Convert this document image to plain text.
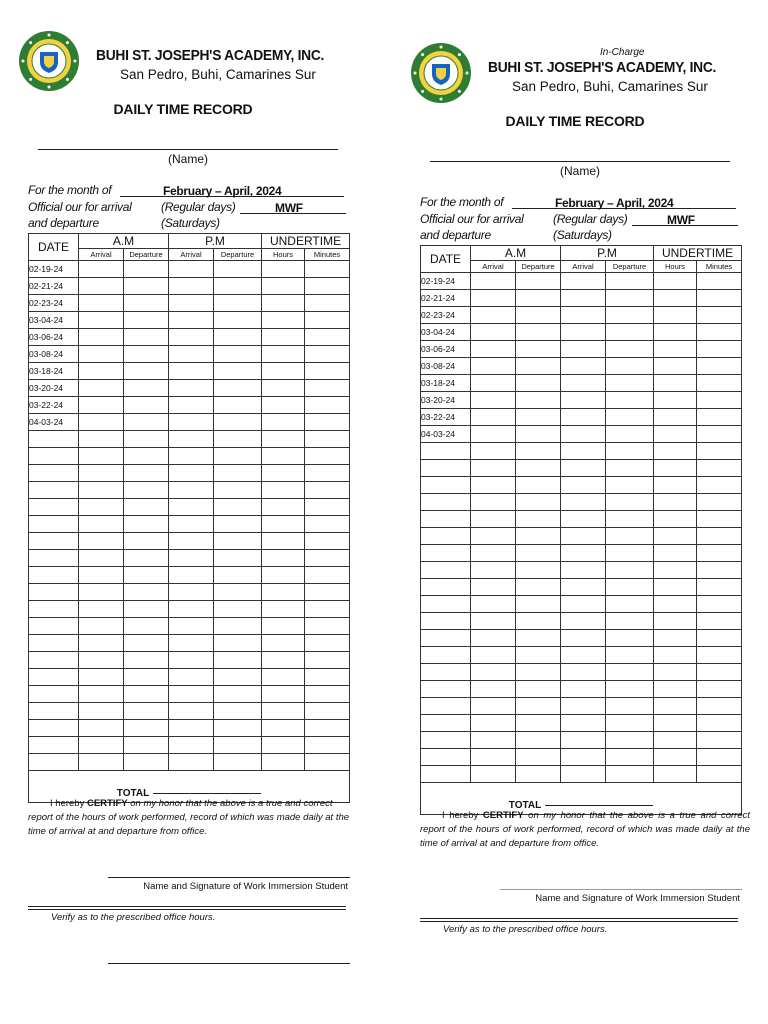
BUHI ST. JOSEPH'S ACADEMY, INC.
San Pedro, Buhi, Camarines Sur
DAILY TIME RECORD
(Name)
For the month of	February – April, 2024
Official our for arrival (Regular days)	MWF
and departure	(Saturdays)
DATE	A.M		P.M		UNDERTIME	
	Arrival	Departure	Arrival	Departure	Hours	Minutes
02-19-24						
02-21-24						
02-23-24						
03-04-24						
03-06-24						
03-08-24						
03-18-24						
03-20-24						
03-22-24						
04-03-24						

TOTAL						
I hereby CERTIFY on my honor that the above is a true and correct report of the hours of work performed, record of which was made daily at the time of arrival at and departure from office.
Name and Signature of Work Immersion Student
Verify as to the prescribed office hours.
In-Charge
BUHI ST. JOSEPH'S ACADEMY, INC.
San Pedro, Buhi, Camarines Sur
DAILY TIME RECORD
(Name)
For the month of	February – April, 2024
Official our for arrival (Regular days)	MWF
and departure	(Saturdays)
DATE	A.M		P.M		UNDERTIME	
	Arrival	Departure	Arrival	Departure	Hours	Minutes
02-19-24						
02-21-24						
02-23-24						
03-04-24						
03-06-24						
03-08-24						
03-18-24						
03-20-24						
03-22-24						
04-03-24						

TOTAL						
I hereby CERTIFY on my honor that the above is a true and correct report of the hours of work performed, record of which was made daily at the time of arrival at and departure from office.
Name and Signature of Work Immersion Student
Verify as to the prescribed office hours.
